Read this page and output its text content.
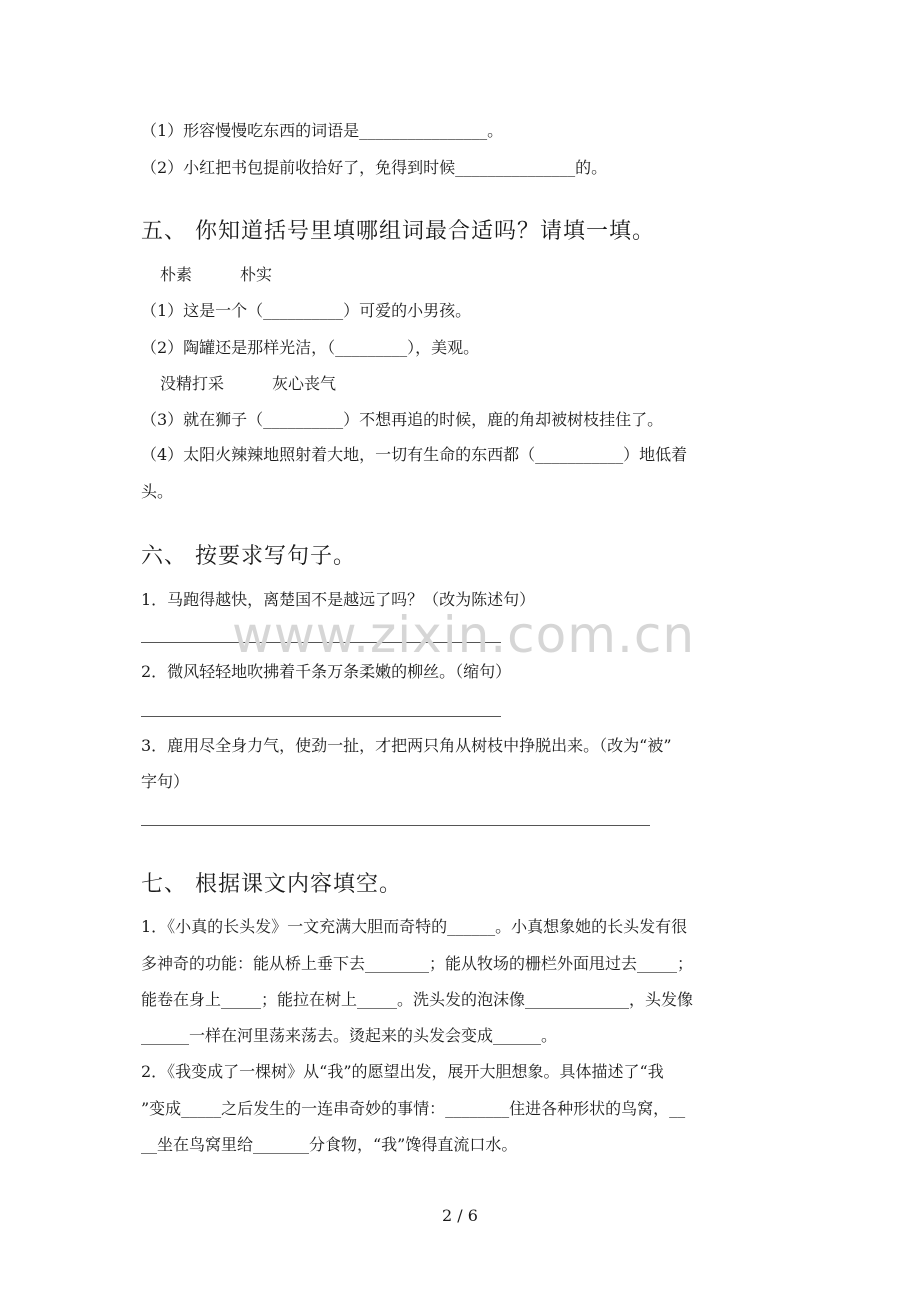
（1）形容慢慢吃东西的词语是________________。
（2）小红把书包提前收拾好了，免得到时候_______________的。
五、 你知道括号里填哪组词最合适吗？请填一填。
朴素　　　朴实
（1）这是一个（__________）可爱的小男孩。
（2）陶罐还是那样光洁，（_________），美观。
没精打采　　　灰心丧气
（3）就在狮子（__________）不想再追的时候，鹿的角却被树枝挂住了。
（4）太阳火辣辣地照射着大地，一切有生命的东西都（___________）地低着
头。
六、 按要求写句子。
1．马跑得越快，离楚国不是越远了吗？（改为陈述句）
2．微风轻轻地吹拂着千条万条柔嫩的柳丝。（缩句）
3．鹿用尽全身力气，使劲一扯，才把两只角从树枝中挣脱出来。（改为“被”
字句）
七、 根据课文内容填空。
1．《小真的长头发》一文充满大胆而奇特的______。小真想象她的长头发有很
多神奇的功能：能从桥上垂下去________；能从牧场的栅栏外面甩过去_____；
能卷在身上_____；能拉在树上_____。洗头发的泡沫像_____________，头发像
______一样在河里荡来荡去。烫起来的头发会变成______。
2．《我变成了一棵树》从“我”的愿望出发，展开大胆想象。具体描述了“我
”变成_____之后发生的一连串奇妙的事情：________住进各种形状的鸟窝，__
__坐在鸟窝里给_______分食物，“我”馋得直流口水。
www.zixin.com.cn
2 / 6
